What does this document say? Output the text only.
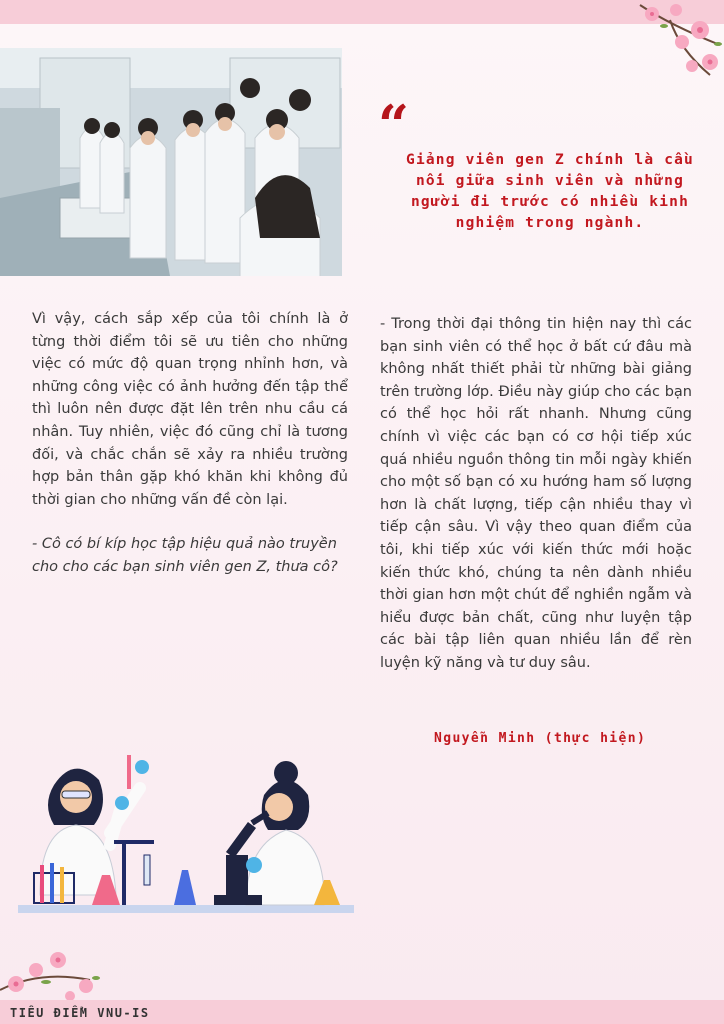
“
Giảng viên gen Z chính là cầu nối giữa sinh viên và những người đi trước có nhiều kinh nghiệm trong ngành.

Vì vậy, cách sắp xếp của tôi chính là ở từng thời điểm tôi sẽ ưu tiên cho những việc có mức độ quan trọng nhỉnh hơn, và những công việc có ảnh hưởng đến tập thể thì luôn nên được đặt lên trên nhu cầu cá nhân. Tuy nhiên, việc đó cũng chỉ là tương đối, và chắc chắn sẽ xảy ra nhiều trường hợp bản thân gặp khó khăn khi không đủ thời gian cho những vấn đề còn lại.

- Cô có bí kíp học tập hiệu quả nào truyền cho cho các bạn sinh viên gen Z, thưa cô?

- Trong thời đại thông tin hiện nay thì các bạn sinh viên có thể học ở bất cứ đâu mà không nhất thiết phải từ những bài giảng trên trường lớp. Điều này giúp cho các bạn có thể học hỏi rất nhanh. Nhưng cũng chính vì việc các bạn có cơ hội tiếp xúc quá nhiều nguồn thông tin mỗi ngày khiến cho một số bạn có xu hướng ham số lượng hơn là chất lượng, tiếp cận nhiều thay vì tiếp cận sâu. Vì vậy theo quan điểm của tôi, khi tiếp xúc với kiến thức mới hoặc kiến thức khó, chúng ta nên dành nhiều thời gian hơn một chút để nghiền ngẫm và hiểu được bản chất, cũng như luyện tập các bài tập liên quan nhiều lần để rèn luyện kỹ năng và tư duy sâu.

Nguyễn Minh (thực hiện)
TIÊU ĐIỂM VNU-IS
